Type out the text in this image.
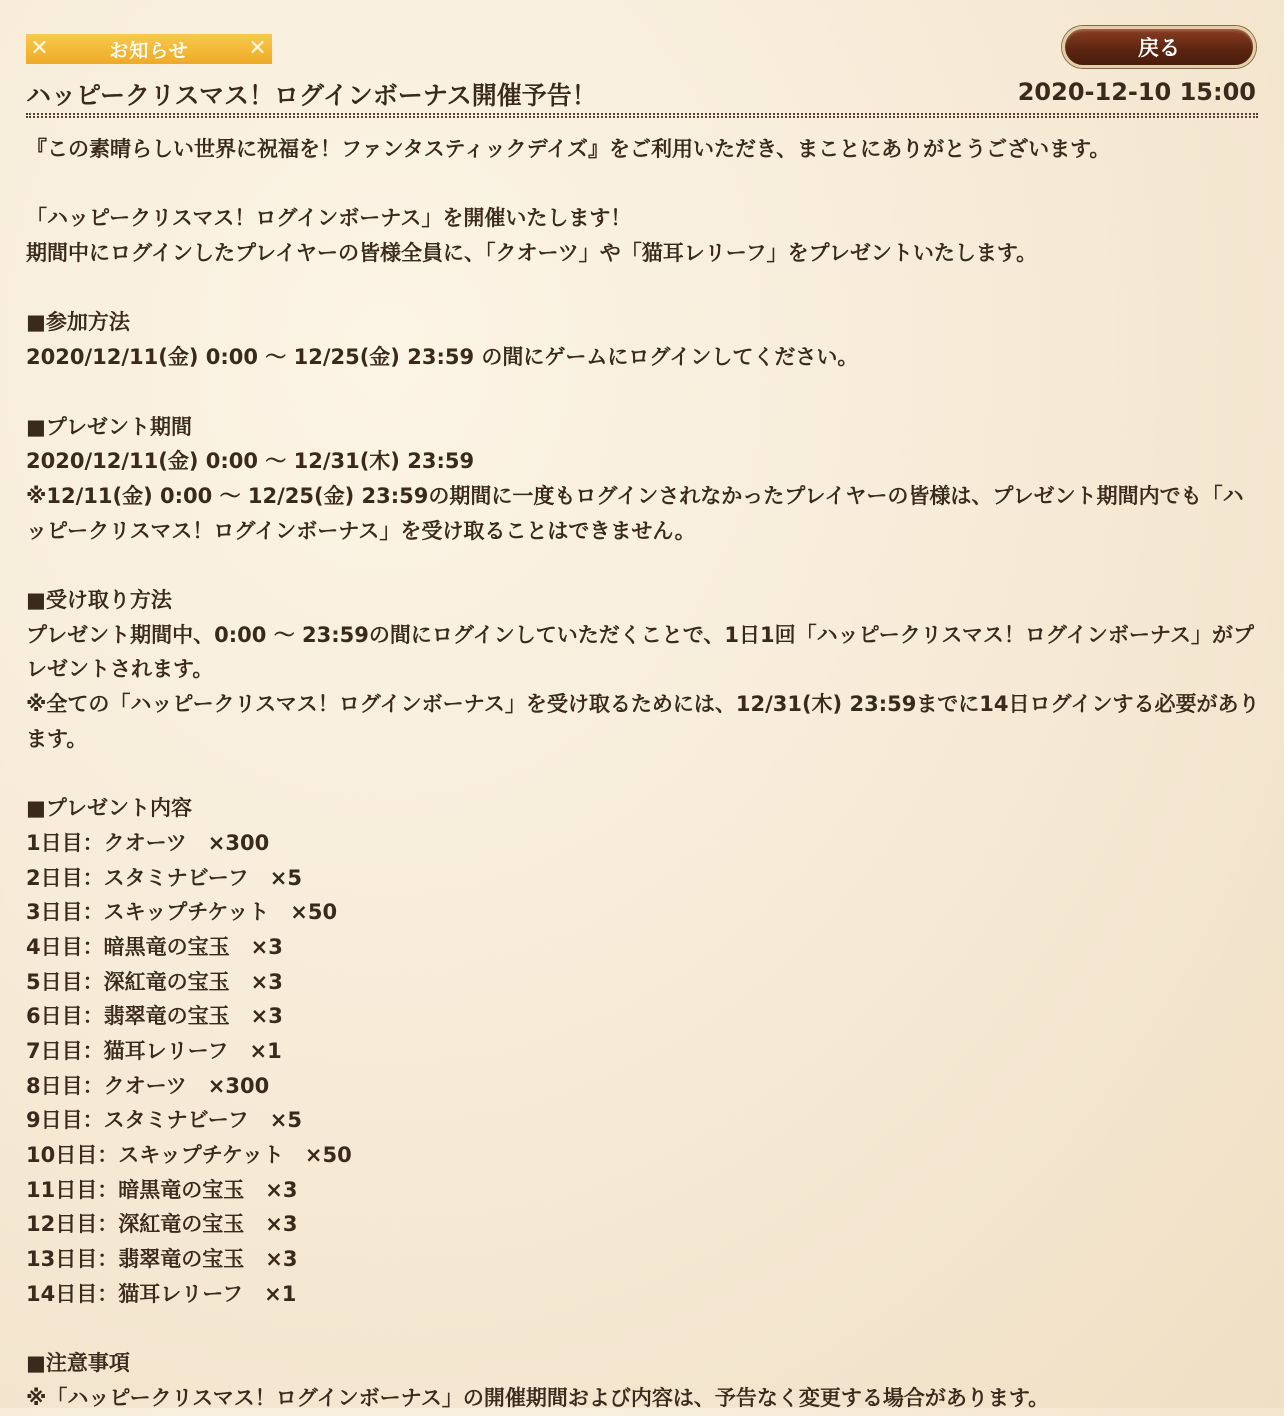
✕	お知らせ	✕	戻る
ハッピークリスマス！ログインボーナス開催予告！	2020-12-10 15:00
『この素晴らしい世界に祝福を！ファンタスティックデイズ』をご利用いただき、まことにありがとうございます。
「ハッピークリスマス！ログインボーナス」を開催いたします！
期間中にログインしたプレイヤーの皆様全員に、「クオーツ」や「猫耳レリーフ」をプレゼントいたします。
■参加方法
2020/12/11(金) 0:00 〜 12/25(金) 23:59 の間にゲームにログインしてください。
■プレゼント期間
2020/12/11(金) 0:00 〜 12/31(木) 23:59
※12/11(金) 0:00 〜 12/25(金) 23:59の期間に一度もログインされなかったプレイヤーの皆様は、プレゼント期間内でも「ハッピークリスマス！ログインボーナス」を受け取ることはできません。
■受け取り方法
プレゼント期間中、0:00 〜 23:59の間にログインしていただくことで、1日1回「ハッピークリスマス！ログインボーナス」がプレゼントされます。
※全ての「ハッピークリスマス！ログインボーナス」を受け取るためには、12/31(木) 23:59までに14日ログインする必要があります。
■プレゼント内容
1日目：クオーツ　×300
2日目：スタミナビーフ　×5
3日目：スキップチケット　×50
4日目：暗黒竜の宝玉　×3
5日目：深紅竜の宝玉　×3
6日目：翡翠竜の宝玉　×3
7日目：猫耳レリーフ　×1
8日目：クオーツ　×300
9日目：スタミナビーフ　×5
10日目：スキップチケット　×50
11日目：暗黒竜の宝玉　×3
12日目：深紅竜の宝玉　×3
13日目：翡翠竜の宝玉　×3
14日目：猫耳レリーフ　×1
■注意事項
※「ハッピークリスマス！ログインボーナス」の開催期間および内容は、予告なく変更する場合があります。
